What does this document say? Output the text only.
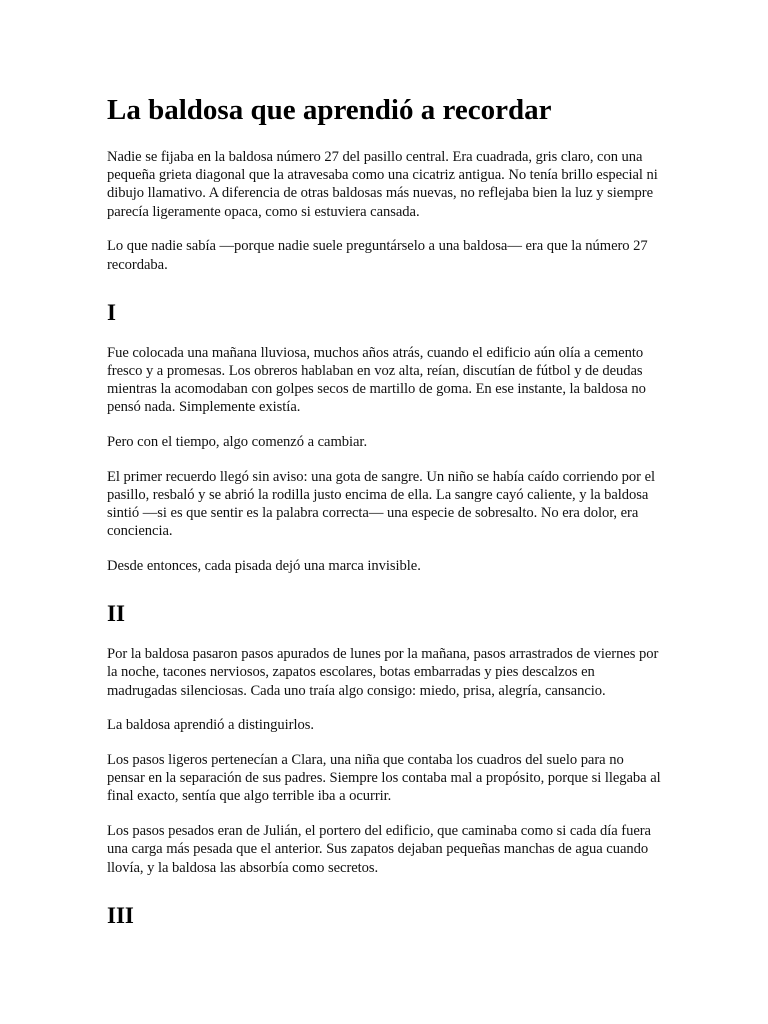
La baldosa que aprendió a recordar

Nadie se fijaba en la baldosa número 27 del pasillo central. Era cuadrada, gris claro, con una pequeña grieta diagonal que la atravesaba como una cicatriz antigua. No tenía brillo especial ni dibujo llamativo. A diferencia de otras baldosas más nuevas, no reflejaba bien la luz y siempre parecía ligeramente opaca, como si estuviera cansada.

Lo que nadie sabía —porque nadie suele preguntárselo a una baldosa— era que la número 27 recordaba.

I

Fue colocada una mañana lluviosa, muchos años atrás, cuando el edificio aún olía a cemento fresco y a promesas. Los obreros hablaban en voz alta, reían, discutían de fútbol y de deudas mientras la acomodaban con golpes secos de martillo de goma. En ese instante, la baldosa no pensó nada. Simplemente existía.

Pero con el tiempo, algo comenzó a cambiar.

El primer recuerdo llegó sin aviso: una gota de sangre. Un niño se había caído corriendo por el pasillo, resbaló y se abrió la rodilla justo encima de ella. La sangre cayó caliente, y la baldosa sintió —si es que sentir es la palabra correcta— una especie de sobresalto. No era dolor, era conciencia.

Desde entonces, cada pisada dejó una marca invisible.

II

Por la baldosa pasaron pasos apurados de lunes por la mañana, pasos arrastrados de viernes por la noche, tacones nerviosos, zapatos escolares, botas embarradas y pies descalzos en madrugadas silenciosas. Cada uno traía algo consigo: miedo, prisa, alegría, cansancio.

La baldosa aprendió a distinguirlos.

Los pasos ligeros pertenecían a Clara, una niña que contaba los cuadros del suelo para no pensar en la separación de sus padres. Siempre los contaba mal a propósito, porque si llegaba al final exacto, sentía que algo terrible iba a ocurrir.

Los pasos pesados eran de Julián, el portero del edificio, que caminaba como si cada día fuera una carga más pesada que el anterior. Sus zapatos dejaban pequeñas manchas de agua cuando llovía, y la baldosa las absorbía como secretos.

III
